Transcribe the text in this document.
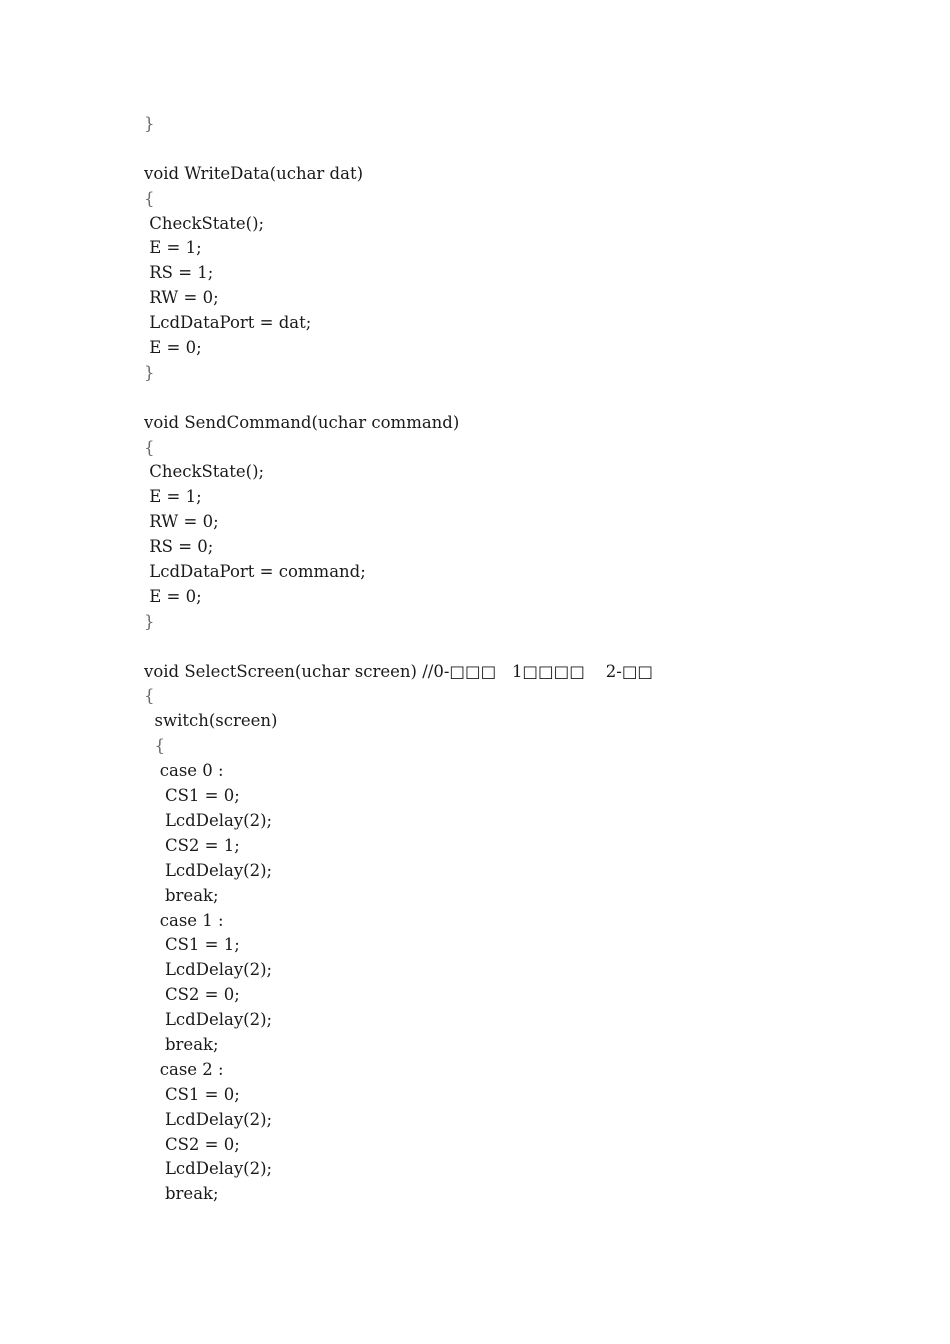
}
void WriteData(uchar dat)
{
CheckState();
E = 1;
RS = 1;
RW = 0;
LcdDataPort = dat;
E = 0;
}
void SendCommand(uchar command)
{
CheckState();
E = 1;
RW = 0;
RS = 0;
LcdDataPort = command;
E = 0;
}
void SelectScreen(uchar screen) //0-□□□   1□□□□    2-□□
{
switch(screen)
{
case 0 :
CS1 = 0;
LcdDelay(2);
CS2 = 1;
LcdDelay(2);
break;
case 1 :
CS1 = 1;
LcdDelay(2);
CS2 = 0;
LcdDelay(2);
break;
case 2 :
CS1 = 0;
LcdDelay(2);
CS2 = 0;
LcdDelay(2);
break;
